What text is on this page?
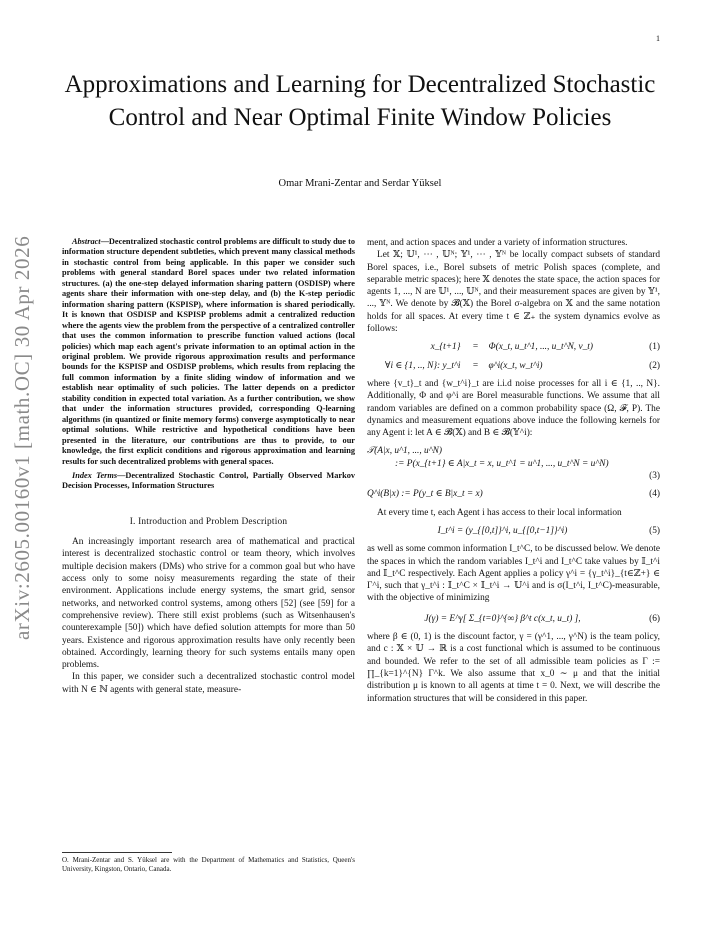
1
arXiv:2605.00160v1 [math.OC] 30 Apr 2026
Approximations and Learning for Decentralized Stochastic Control and Near Optimal Finite Window Policies
Omar Mrani-Zentar and Serdar Yüksel

Abstract—Decentralized stochastic control problems are difficult to study due to information structure dependent subtleties, which prevent many classical methods in stochastic control from being applicable. In this paper we consider such problems with general standard Borel spaces under two related information structures. (a) the one-step delayed information sharing pattern (OSDISP) where agents share their information with one-step delay, and (b) the K-step periodic information sharing pattern (KSPISP), where information is shared periodically. It is known that OSDISP and KSPISP problems admit a centralized reduction where the agents view the problem from the perspective of a centralized controller that uses the common information to prescribe function valued actions (local policies) which map each agent's private information to an optimal action in the original problem. We provide rigorous approximation results and performance bounds for the KSPISP and OSDISP problems, which results from replacing the full common information by a finite sliding window of information and we establish near optimality of such policies. The latter depends on a predictor stability condition in expected total variation. As a further contribution, we show that under the information structures provided, corresponding Q-learning algorithms (in quantized or finite memory forms) converge asymptotically to near optimal solutions. While restrictive and hypothetical conditions have been presented in the literature, our contributions are thus to provide, to our knowledge, the first explicit conditions and rigorous approximation and learning results for such decentralized problems with general spaces.

Index Terms—Decentralized Stochastic Control, Partially Observed Markov Decision Processes, Information Structures

I. Introduction and Problem Description

An increasingly important research area of mathematical and practical interest is decentralized stochastic control or team theory, which involves multiple decision makers (DMs) who strive for a common goal but who have access only to some noisy measurements regarding the state of their environment. Applications include energy systems, the smart grid, sensor networks, and networked control systems, among others [52] (see [59] for a comprehensive review). There still exist problems (such as Witsenhausen's counterexample [50]) which have defied solution attempts for more than 50 years. Existence and rigorous approximation results have only recently been obtained. Accordingly, learning theory for such systems entails many open problems.

In this paper, we consider such a decentralized stochastic control model with N ∈ ℕ agents with general state, measure-

O. Mrani-Zentar and S. Yüksel are with the Department of Mathematics and Statistics, Queen's University, Kingston, Ontario, Canada.

ment, and action spaces and under a variety of information structures.

Let 𝕏; 𝕌¹, ⋯ , 𝕌ᴺ; 𝕐¹, ⋯ , 𝕐ᴺ be locally compact subsets of standard Borel spaces, i.e., Borel subsets of metric Polish spaces (complete, and separable metric spaces); here 𝕏 denotes the state space, the action spaces for agents 1, ..., N are 𝕌¹, ..., 𝕌ᴺ, and their measurement spaces are given by 𝕐¹, ..., 𝕐ᴺ. We denote by 𝓑(𝕏) the Borel σ-algebra on 𝕏 and the same notation holds for all spaces. At every time t ∈ ℤ₊ the system dynamics evolve as follows:

x_{t+1}	=	Φ(x_t, u_t^1, ..., u_t^N, v_t)	(1)
∀i ∈ {1, .., N}: y_t^i	=	φ^i(x_t, w_t^i)	(2)

where {v_t}_t and {w_t^i}_t are i.i.d noise processes for all i ∈ {1, .., N}. Additionally, Φ and φ^i are Borel measurable functions. We assume that all random variables are defined on a common probability space (Ω, 𝓕, P). The dynamics and measurement equations above induce the following kernels for any Agent i: let A ∈ 𝓑(𝕏) and B ∈ 𝓑(𝕐^i):

𝒯(A|x, u^1, ..., u^N)
:= P(x_{t+1} ∈ A|x_t = x, u_t^1 = u^1, ..., u_t^N = u^N)
(3)
Q^i(B|x) := P(y_t ∈ B|x_t = x)	(4)

At every time t, each Agent i has access to their local information

I_t^i = (y_{[0,t]}^i, u_{[0,t−1]}^i)	(5)

as well as some common information I_t^C, to be discussed below. We denote the spaces in which the random variables I_t^i and I_t^C take values by 𝕀_t^i and 𝕀_t^C respectively. Each Agent applies a policy γ^i = {γ_t^i}_{t∈ℤ+} ∈ Γ^i, such that γ_t^i : 𝕀_t^C × 𝕀_t^i → 𝕌^i and is σ(I_t^i, I_t^C)-measurable, with the objective of minimizing

J(γ) = E^γ[ Σ_{t=0}^{∞} β^t c(x_t, u_t) ],	(6)

where β ∈ (0, 1) is the discount factor, γ = (γ^1, ..., γ^N) is the team policy, and c : 𝕏 × 𝕌 → ℝ is a cost functional which is assumed to be continuous and bounded. We refer to the set of all admissible team policies as Γ := ∏_{k=1}^{N} Γ^k. We also assume that x_0 ∼ μ and that the initial distribution μ is known to all agents at time t = 0. Next, we will describe the information structures that will be considered in this paper.
